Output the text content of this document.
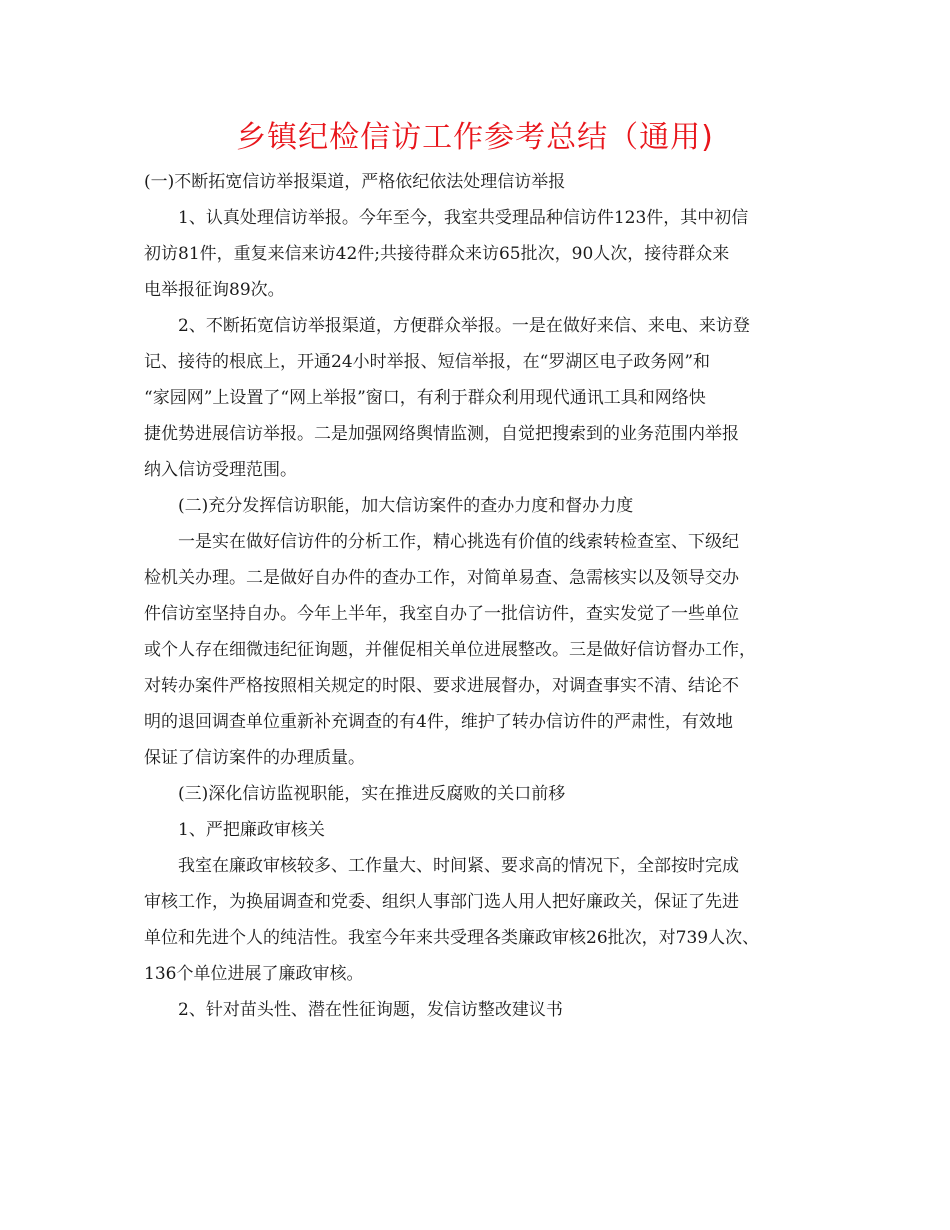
乡镇纪检信访工作参考总结（通用)
(一)不断拓宽信访举报渠道，严格依纪依法处理信访举报
1、认真处理信访举报。今年至今，我室共受理品种信访件123件，其中初信
初访81件，重复来信来访42件;共接待群众来访65批次，90人次，接待群众来
电举报征询89次。
2、不断拓宽信访举报渠道，方便群众举报。一是在做好来信、来电、来访登
记、接待的根底上，开通24小时举报、短信举报，在“罗湖区电子政务网”和
“家园网”上设置了“网上举报”窗口，有利于群众利用现代通讯工具和网络快
捷优势进展信访举报。二是加强网络舆情监测，自觉把搜索到的业务范围内举报
纳入信访受理范围。
(二)充分发挥信访职能，加大信访案件的查办力度和督办力度
一是实在做好信访件的分析工作，精心挑选有价值的线索转检查室、下级纪
检机关办理。二是做好自办件的查办工作，对简单易查、急需核实以及领导交办
件信访室坚持自办。今年上半年，我室自办了一批信访件，查实发觉了一些单位
或个人存在细微违纪征询题，并催促相关单位进展整改。三是做好信访督办工作，
对转办案件严格按照相关规定的时限、要求进展督办，对调查事实不清、结论不
明的退回调查单位重新补充调查的有4件，维护了转办信访件的严肃性，有效地
保证了信访案件的办理质量。
(三)深化信访监视职能，实在推进反腐败的关口前移
1、严把廉政审核关
我室在廉政审核较多、工作量大、时间紧、要求高的情况下，全部按时完成
审核工作，为换届调查和党委、组织人事部门选人用人把好廉政关，保证了先进
单位和先进个人的纯洁性。我室今年来共受理各类廉政审核26批次，对739人次、
136个单位进展了廉政审核。
2、针对苗头性、潜在性征询题，发信访整改建议书
